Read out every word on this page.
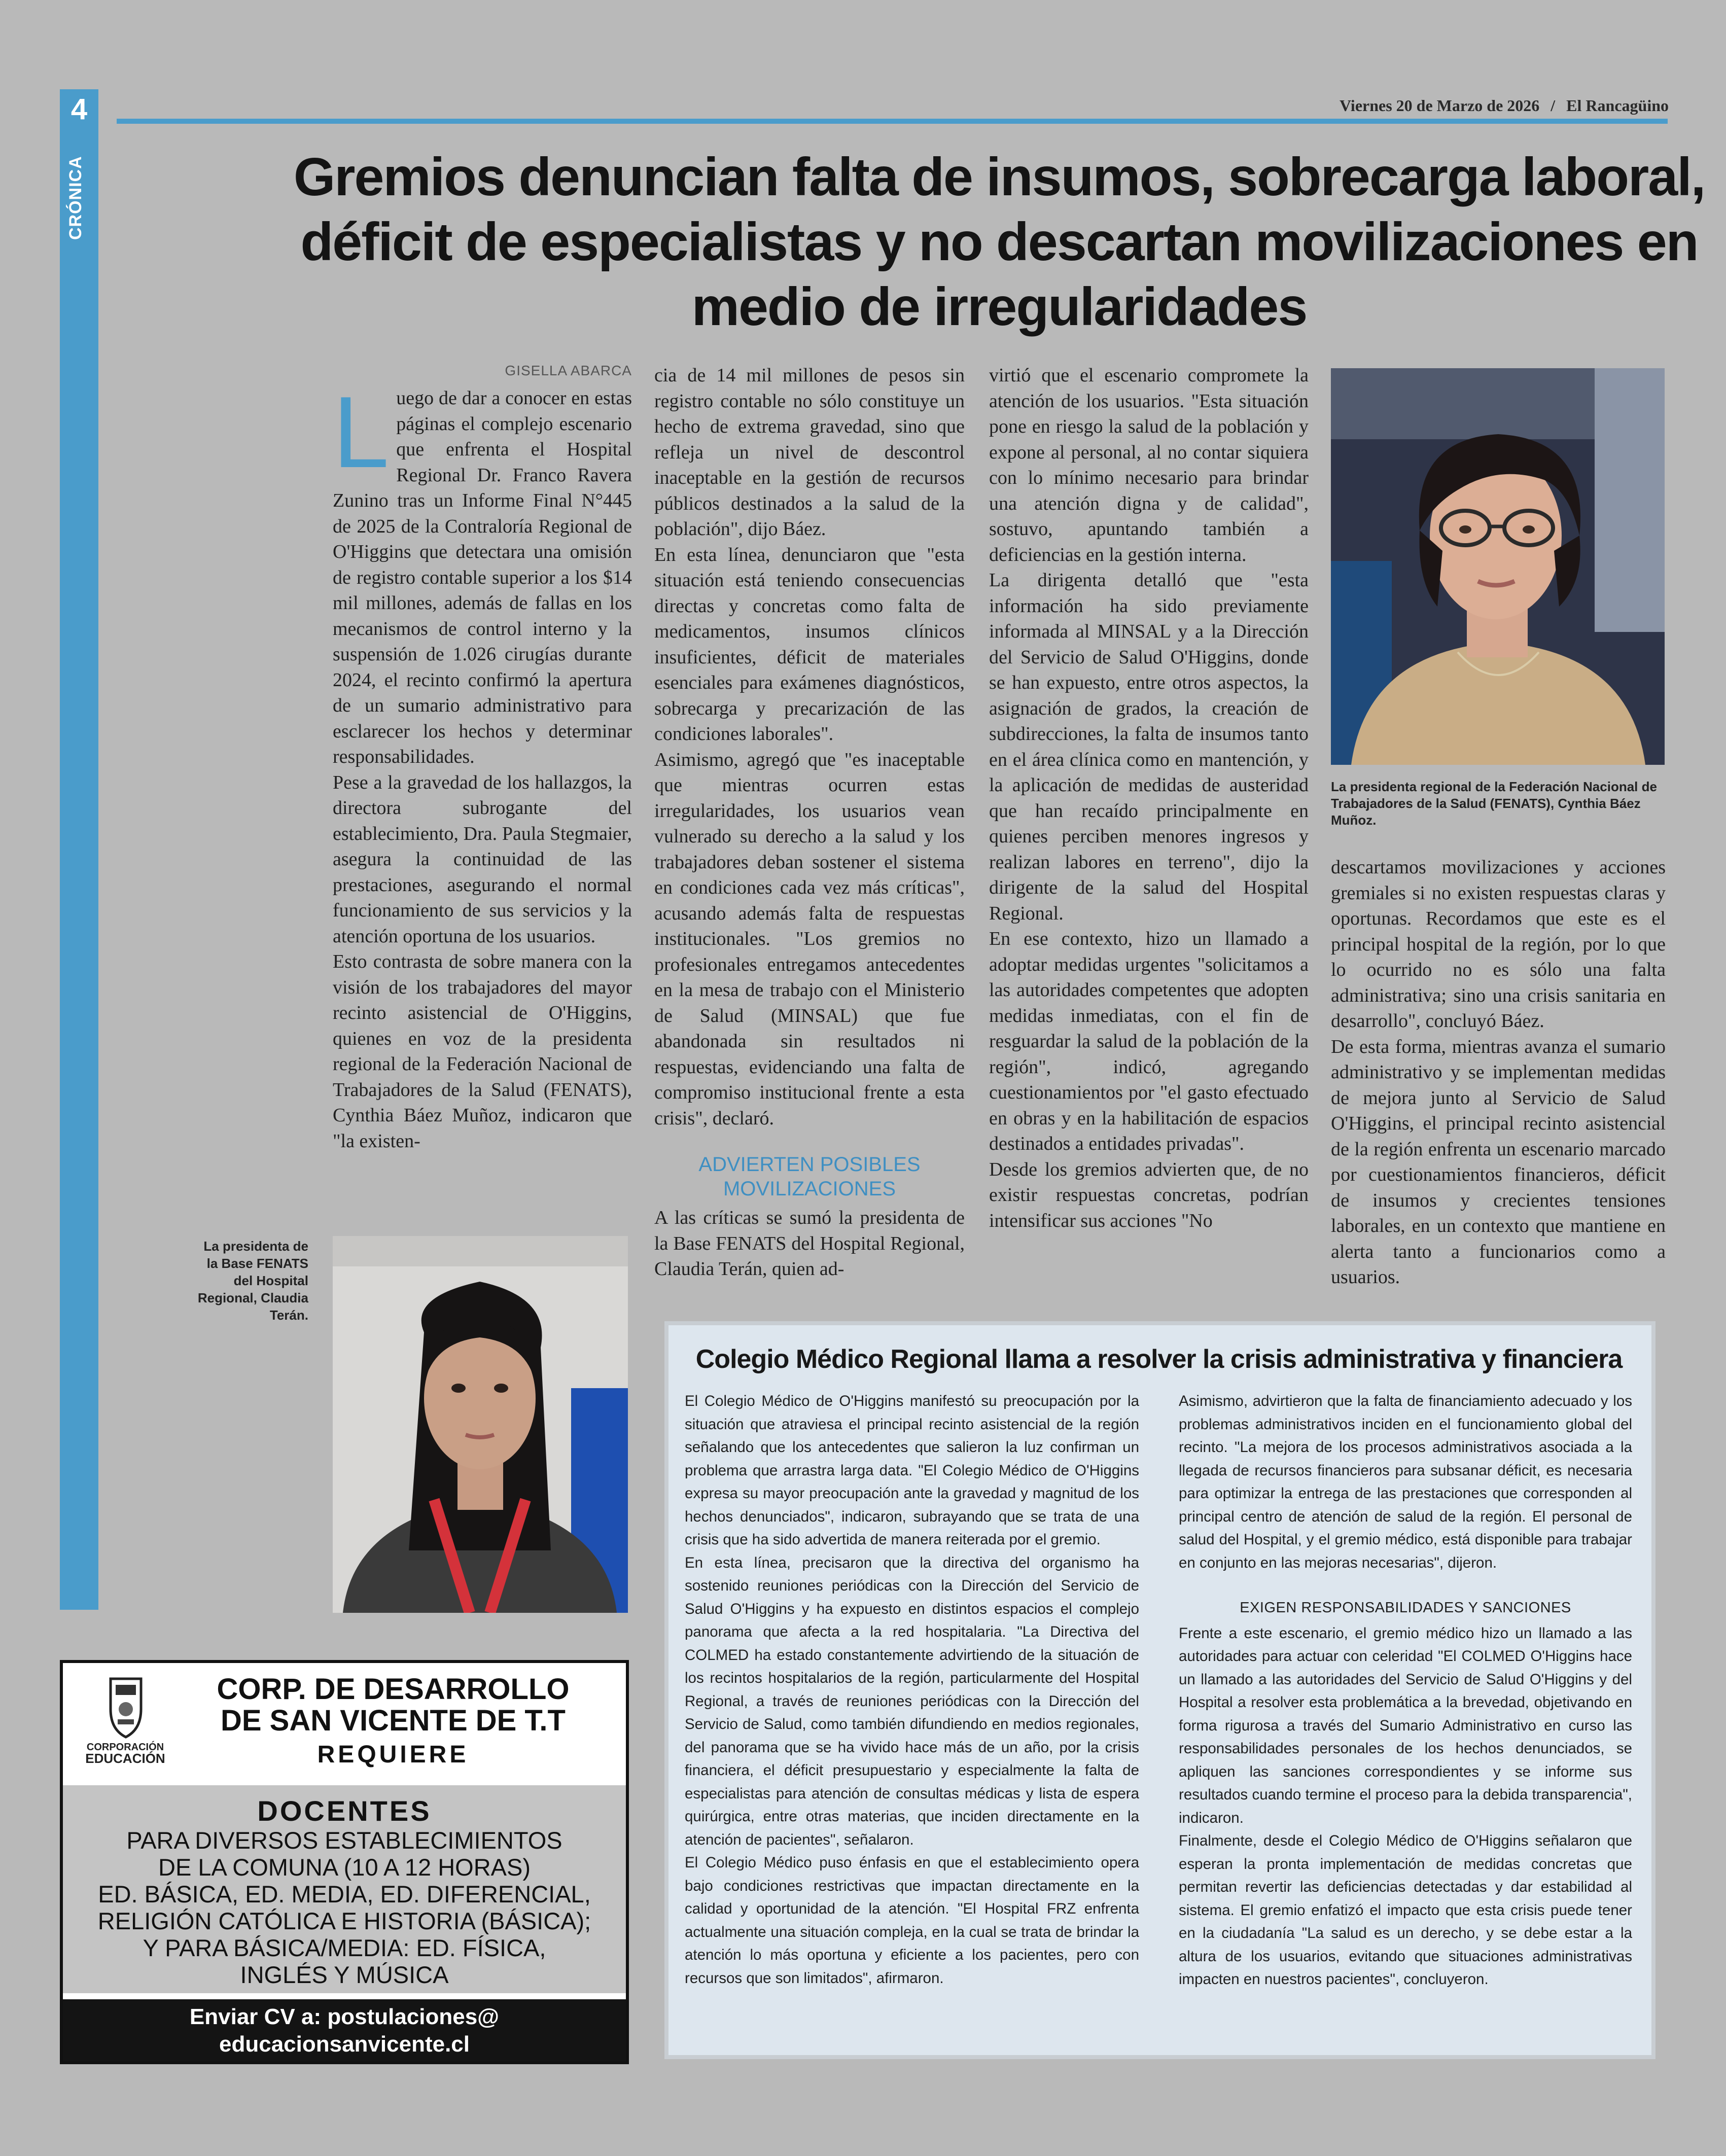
4
CRÓNICA
Viernes 20 de Marzo de 2026 / El Rancagüino
Gremios denuncian falta de insumos, sobrecarga laboral, déficit de especialistas y no descartan movilizaciones en medio de irregularidades
GISELLA ABARCA

Luego de dar a conocer en estas páginas el complejo escenario que enfrenta el Hospital Regional Dr. Franco Ravera Zunino tras un Informe Final N°445 de 2025 de la Contraloría Regional de O'Higgins que detectara una omisión de registro contable superior a los $14 mil millones, además de fallas en los mecanismos de control interno y la suspensión de 1.026 cirugías durante 2024, el recinto confirmó la apertura de un sumario administrativo para esclarecer los hechos y determinar responsabilidades.

Pese a la gravedad de los hallazgos, la directora subrogante del establecimiento, Dra. Paula Stegmaier, asegura la continuidad de las prestaciones, asegurando el normal funcionamiento de sus servicios y la atención oportuna de los usuarios.

Esto contrasta de sobre manera con la visión de los trabajadores del mayor recinto asistencial de O'Higgins, quienes en voz de la presidenta regional de la Federación Nacional de Trabajadores de la Salud (FENATS), Cynthia Báez Muñoz, indicaron que "la existen-

cia de 14 mil millones de pesos sin registro contable no sólo constituye un hecho de extrema gravedad, sino que refleja un nivel de descontrol inaceptable en la gestión de recursos públicos destinados a la salud de la población", dijo Báez.

En esta línea, denunciaron que "esta situación está teniendo consecuencias directas y concretas como falta de medicamentos, insumos clínicos insuficientes, déficit de materiales esenciales para exámenes diagnósticos, sobrecarga y precarización de las condiciones laborales".

Asimismo, agregó que "es inaceptable que mientras ocurren estas irregularidades, los usuarios vean vulnerado su derecho a la salud y los trabajadores deban sostener el sistema en condiciones cada vez más críticas", acusando además falta de respuestas institucionales. "Los gremios no profesionales entregamos antecedentes en la mesa de trabajo con el Ministerio de Salud (MINSAL) que fue abandonada sin resultados ni respuestas, evidenciando una falta de compromiso institucional frente a esta crisis", declaró.

ADVIERTEN POSIBLES MOVILIZACIONES

A las críticas se sumó la presidenta de la Base FENATS del Hospital Regional, Claudia Terán, quien ad-

virtió que el escenario compromete la atención de los usuarios. "Esta situación pone en riesgo la salud de la población y expone al personal, al no contar siquiera con lo mínimo necesario para brindar una atención digna y de calidad", sostuvo, apuntando también a deficiencias en la gestión interna.

La dirigenta detalló que "esta información ha sido previamente informada al MINSAL y a la Dirección del Servicio de Salud O'Higgins, donde se han expuesto, entre otros aspectos, la asignación de grados, la creación de subdirecciones, la falta de insumos tanto en el área clínica como en mantención, y la aplicación de medidas de austeridad que han recaído principalmente en quienes perciben menores ingresos y realizan labores en terreno", dijo la dirigente de la salud del Hospital Regional.

En ese contexto, hizo un llamado a adoptar medidas urgentes "solicitamos a las autoridades competentes que adopten medidas inmediatas, con el fin de resguardar la salud de la población de la región", indicó, agregando cuestionamientos por "el gasto efectuado en obras y en la habilitación de espacios destinados a entidades privadas".

Desde los gremios advierten que, de no existir respuestas concretas, podrían intensificar sus acciones "No

La presidenta regional de la Federación Nacional de Trabajadores de la Salud (FENATS), Cynthia Báez Muñoz.

descartamos movilizaciones y acciones gremiales si no existen respuestas claras y oportunas. Recordamos que este es el principal hospital de la región, por lo que lo ocurrido no es sólo una falta administrativa; sino una crisis sanitaria en desarrollo", concluyó Báez.

De esta forma, mientras avanza el sumario administrativo y se implementan medidas de mejora junto al Servicio de Salud O'Higgins, el principal recinto asistencial de la región enfrenta un escenario marcado por cuestionamientos financieros, déficit de insumos y crecientes tensiones laborales, en un contexto que mantiene en alerta tanto a funcionarios como a usuarios.

La presidenta de la Base FENATS del Hospital Regional, Claudia Terán.
Colegio Médico Regional llama a resolver la crisis administrativa y financiera

El Colegio Médico de O'Higgins manifestó su preocupación por la situación que atraviesa el principal recinto asistencial de la región señalando que los antecedentes que salieron la luz confirman un problema que arrastra larga data. "El Colegio Médico de O'Higgins expresa su mayor preocupación ante la gravedad y magnitud de los hechos denunciados", indicaron, subrayando que se trata de una crisis que ha sido advertida de manera reiterada por el gremio.

En esta línea, precisaron que la directiva del organismo ha sostenido reuniones periódicas con la Dirección del Servicio de Salud O'Higgins y ha expuesto en distintos espacios el complejo panorama que afecta a la red hospitalaria. "La Directiva del COLMED ha estado constantemente advirtiendo de la situación de los recintos hospitalarios de la región, particularmente del Hospital Regional, a través de reuniones periódicas con la Dirección del Servicio de Salud, como también difundiendo en medios regionales, del panorama que se ha vivido hace más de un año, por la crisis financiera, el déficit presupuestario y especialmente la falta de especialistas para atención de consultas médicas y lista de espera quirúrgica, entre otras materias, que inciden directamente en la atención de pacientes", señalaron.

El Colegio Médico puso énfasis en que el establecimiento opera bajo condiciones restrictivas que impactan directamente en la calidad y oportunidad de la atención. "El Hospital FRZ enfrenta actualmente una situación compleja, en la cual se trata de brindar la atención lo más oportuna y eficiente a los pacientes, pero con recursos que son limitados", afirmaron.

Asimismo, advirtieron que la falta de financiamiento adecuado y los problemas administrativos inciden en el funcionamiento global del recinto. "La mejora de los procesos administrativos asociada a la llegada de recursos financieros para subsanar déficit, es necesaria para optimizar la entrega de las prestaciones que corresponden al principal centro de atención de salud de la región. El personal de salud del Hospital, y el gremio médico, está disponible para trabajar en conjunto en las mejoras necesarias", dijeron.

EXIGEN RESPONSABILIDADES Y SANCIONES

Frente a este escenario, el gremio médico hizo un llamado a las autoridades para actuar con celeridad "El COLMED O'Higgins hace un llamado a las autoridades del Servicio de Salud O'Higgins y del Hospital a resolver esta problemática a la brevedad, objetivando en forma rigurosa a través del Sumario Administrativo en curso las responsabilidades personales de los hechos denunciados, se apliquen las sanciones correspondientes y se informe sus resultados cuando termine el proceso para la debida transparencia", indicaron.

Finalmente, desde el Colegio Médico de O'Higgins señalaron que esperan la pronta implementación de medidas concretas que permitan revertir las deficiencias detectadas y dar estabilidad al sistema. El gremio enfatizó el impacto que esta crisis puede tener en la ciudadanía "La salud es un derecho, y se debe estar a la altura de los usuarios, evitando que situaciones administrativas impacten en nuestros pacientes", concluyeron.

CORPORACIÓN
EDUCACIÓN
CORP. DE DESARROLLO
DE SAN VICENTE DE T.T
REQUIERE
DOCENTES
PARA DIVERSOS ESTABLECIMIENTOS
DE LA COMUNA (10 A 12 HORAS)
ED. BÁSICA, ED. MEDIA, ED. DIFERENCIAL,
RELIGIÓN CATÓLICA E HISTORIA (BÁSICA);
Y PARA BÁSICA/MEDIA: ED. FÍSICA,
INGLÉS Y MÚSICA
Enviar CV a: postulaciones@
educacionsanvicente.cl
